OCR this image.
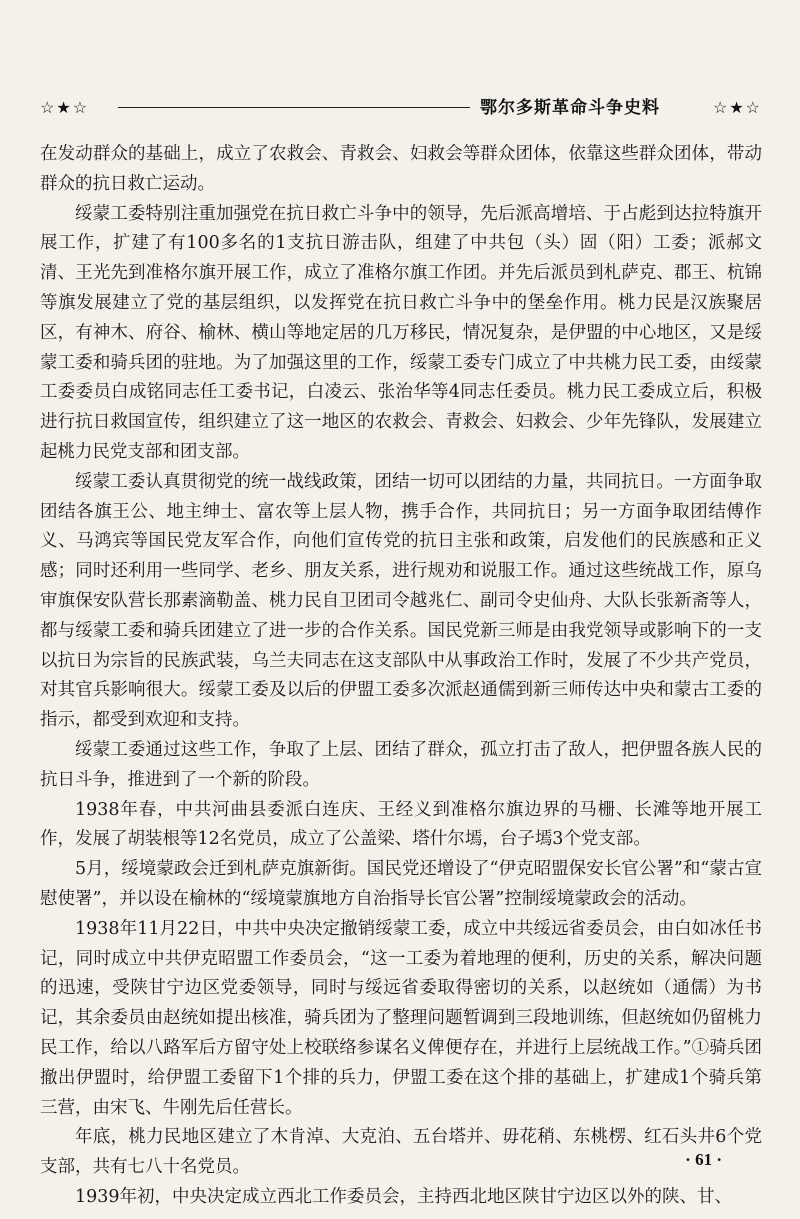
☆★☆	鄂尔多斯革命斗争史料	☆★☆

在发动群众的基础上，成立了农救会、青救会、妇救会等群众团体，依靠这些群众团体，带动群众的抗日救亡运动。

绥蒙工委特别注重加强党在抗日救亡斗争中的领导，先后派高增培、于占彪到达拉特旗开展工作，扩建了有100多名的1支抗日游击队，组建了中共包（头）固（阳）工委；派郝文清、王光先到准格尔旗开展工作，成立了准格尔旗工作团。并先后派员到札萨克、郡王、杭锦等旗发展建立了党的基层组织，以发挥党在抗日救亡斗争中的堡垒作用。桃力民是汉族聚居区，有神木、府谷、榆林、横山等地定居的几万移民，情况复杂，是伊盟的中心地区，又是绥蒙工委和骑兵团的驻地。为了加强这里的工作，绥蒙工委专门成立了中共桃力民工委，由绥蒙工委委员白成铭同志任工委书记，白凌云、张治华等4同志任委员。桃力民工委成立后，积极进行抗日救国宣传，组织建立了这一地区的农救会、青救会、妇救会、少年先锋队，发展建立起桃力民党支部和团支部。

绥蒙工委认真贯彻党的统一战线政策，团结一切可以团结的力量，共同抗日。一方面争取团结各旗王公、地主绅士、富农等上层人物，携手合作，共同抗日；另一方面争取团结傅作义、马鸿宾等国民党友军合作，向他们宣传党的抗日主张和政策，启发他们的民族感和正义感；同时还利用一些同学、老乡、朋友关系，进行规劝和说服工作。通过这些统战工作，原乌审旗保安队营长那素滴勒盖、桃力民自卫团司令越兆仁、副司令史仙舟、大队长张新斋等人，都与绥蒙工委和骑兵团建立了进一步的合作关系。国民党新三师是由我党领导或影响下的一支以抗日为宗旨的民族武装，乌兰夫同志在这支部队中从事政治工作时，发展了不少共产党员，对其官兵影响很大。绥蒙工委及以后的伊盟工委多次派赵通儒到新三师传达中央和蒙古工委的指示，都受到欢迎和支持。

绥蒙工委通过这些工作，争取了上层、团结了群众，孤立打击了敌人，把伊盟各族人民的抗日斗争，推进到了一个新的阶段。

1938年春，中共河曲县委派白连庆、王经义到准格尔旗边界的马栅、长滩等地开展工作，发展了胡装根等12名党员，成立了公盖梁、塔什尔墕，台子墕3个党支部。

5月，绥境蒙政会迁到札萨克旗新街。国民党还增设了“伊克昭盟保安长官公署”和“蒙古宣慰使署”，并以设在榆林的“绥境蒙旗地方自治指导长官公署”控制绥境蒙政会的活动。

1938年11月22日，中共中央决定撤销绥蒙工委，成立中共绥远省委员会，由白如冰任书记，同时成立中共伊克昭盟工作委员会，“这一工委为着地理的便利，历史的关系，解决问题的迅速，受陕甘宁边区党委领导，同时与绥远省委取得密切的关系，以赵统如（通儒）为书记，其余委员由赵统如提出核准，骑兵团为了整理问题暂调到三段地训练，但赵统如仍留桃力民工作，给以八路军后方留守处上校联络参谋名义俾便存在，并进行上层统战工作。”①骑兵团撤出伊盟时，给伊盟工委留下1个排的兵力，伊盟工委在这个排的基础上，扩建成1个骑兵第三营，由宋飞、牛刚先后任营长。

年底，桃力民地区建立了木肯淖、大克泊、五台塔并、毋花稍、东桃楞、红石头井6个党支部，共有七八十名党员。

1939年初，中央决定成立西北工作委员会，主持西北地区陕甘宁边区以外的陕、甘、

· 61 ·
